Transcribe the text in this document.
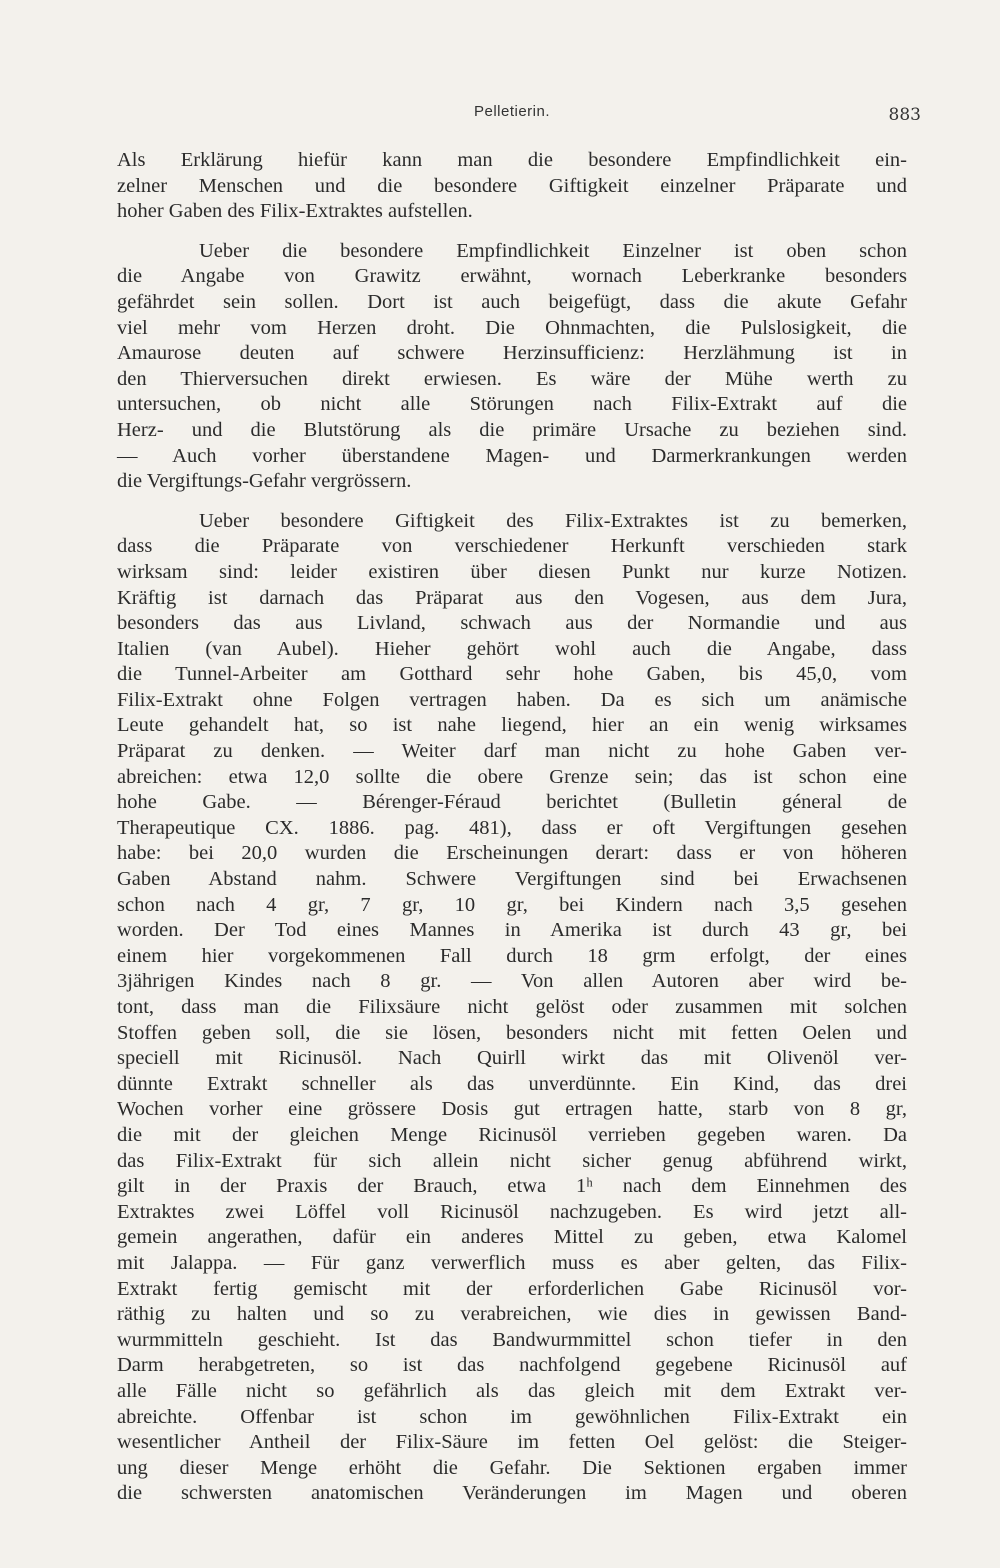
Pelletierin.	883

Als Erklärung hiefür kann man die besondere Empfindlichkeit ein-
zelner Menschen und die besondere Giftigkeit einzelner Präparate und
hoher Gaben des Filix-Extraktes aufstellen.

Ueber die besondere Empfindlichkeit Einzelner ist oben schon
die Angabe von Grawitz erwähnt, wornach Leberkranke besonders
gefährdet sein sollen. Dort ist auch beigefügt, dass die akute Gefahr
viel mehr vom Herzen droht. Die Ohnmachten, die Pulslosigkeit, die
Amaurose deuten auf schwere Herzinsufficienz: Herzlähmung ist in
den Thierversuchen direkt erwiesen. Es wäre der Mühe werth zu
untersuchen, ob nicht alle Störungen nach Filix-Extrakt auf die
Herz- und die Blutstörung als die primäre Ursache zu beziehen sind.
— Auch vorher überstandene Magen- und Darmerkrankungen werden
die Vergiftungs-Gefahr vergrössern.

Ueber besondere Giftigkeit des Filix-Extraktes ist zu bemerken,
dass die Präparate von verschiedener Herkunft verschieden stark
wirksam sind: leider existiren über diesen Punkt nur kurze Notizen.
Kräftig ist darnach das Präparat aus den Vogesen, aus dem Jura,
besonders das aus Livland, schwach aus der Normandie und aus
Italien (van Aubel). Hieher gehört wohl auch die Angabe, dass
die Tunnel-Arbeiter am Gotthard sehr hohe Gaben, bis 45,0, vom
Filix-Extrakt ohne Folgen vertragen haben. Da es sich um anämische
Leute gehandelt hat, so ist nahe liegend, hier an ein wenig wirksames
Präparat zu denken. — Weiter darf man nicht zu hohe Gaben ver-
abreichen: etwa 12,0 sollte die obere Grenze sein; das ist schon eine
hohe Gabe. — Bérenger-Féraud berichtet (Bulletin géneral de
Therapeutique CX. 1886. pag. 481), dass er oft Vergiftungen gesehen
habe: bei 20,0 wurden die Erscheinungen derart: dass er von höheren
Gaben Abstand nahm. Schwere Vergiftungen sind bei Erwachsenen
schon nach 4 gr, 7 gr, 10 gr, bei Kindern nach 3,5 gesehen
worden. Der Tod eines Mannes in Amerika ist durch 43 gr, bei
einem hier vorgekommenen Fall durch 18 grm erfolgt, der eines
3jährigen Kindes nach 8 gr. — Von allen Autoren aber wird be-
tont, dass man die Filixsäure nicht gelöst oder zusammen mit solchen
Stoffen geben soll, die sie lösen, besonders nicht mit fetten Oelen und
speciell mit Ricinusöl. Nach Quirll wirkt das mit Olivenöl ver-
dünnte Extrakt schneller als das unverdünnte. Ein Kind, das drei
Wochen vorher eine grössere Dosis gut ertragen hatte, starb von 8 gr,
die mit der gleichen Menge Ricinusöl verrieben gegeben waren. Da
das Filix-Extrakt für sich allein nicht sicher genug abführend wirkt,
gilt in der Praxis der Brauch, etwa 1ʰ nach dem Einnehmen des
Extraktes zwei Löffel voll Ricinusöl nachzugeben. Es wird jetzt all-
gemein angerathen, dafür ein anderes Mittel zu geben, etwa Kalomel
mit Jalappa. — Für ganz verwerflich muss es aber gelten, das Filix-
Extrakt fertig gemischt mit der erforderlichen Gabe Ricinusöl vor-
räthig zu halten und so zu verabreichen, wie dies in gewissen Band-
wurmmitteln geschieht. Ist das Bandwurmmittel schon tiefer in den
Darm herabgetreten, so ist das nachfolgend gegebene Ricinusöl auf
alle Fälle nicht so gefährlich als das gleich mit dem Extrakt ver-
abreichte. Offenbar ist schon im gewöhnlichen Filix-Extrakt ein
wesentlicher Antheil der Filix-Säure im fetten Oel gelöst: die Steiger-
ung dieser Menge erhöht die Gefahr. Die Sektionen ergaben immer
die schwersten anatomischen Veränderungen im Magen und oberen
